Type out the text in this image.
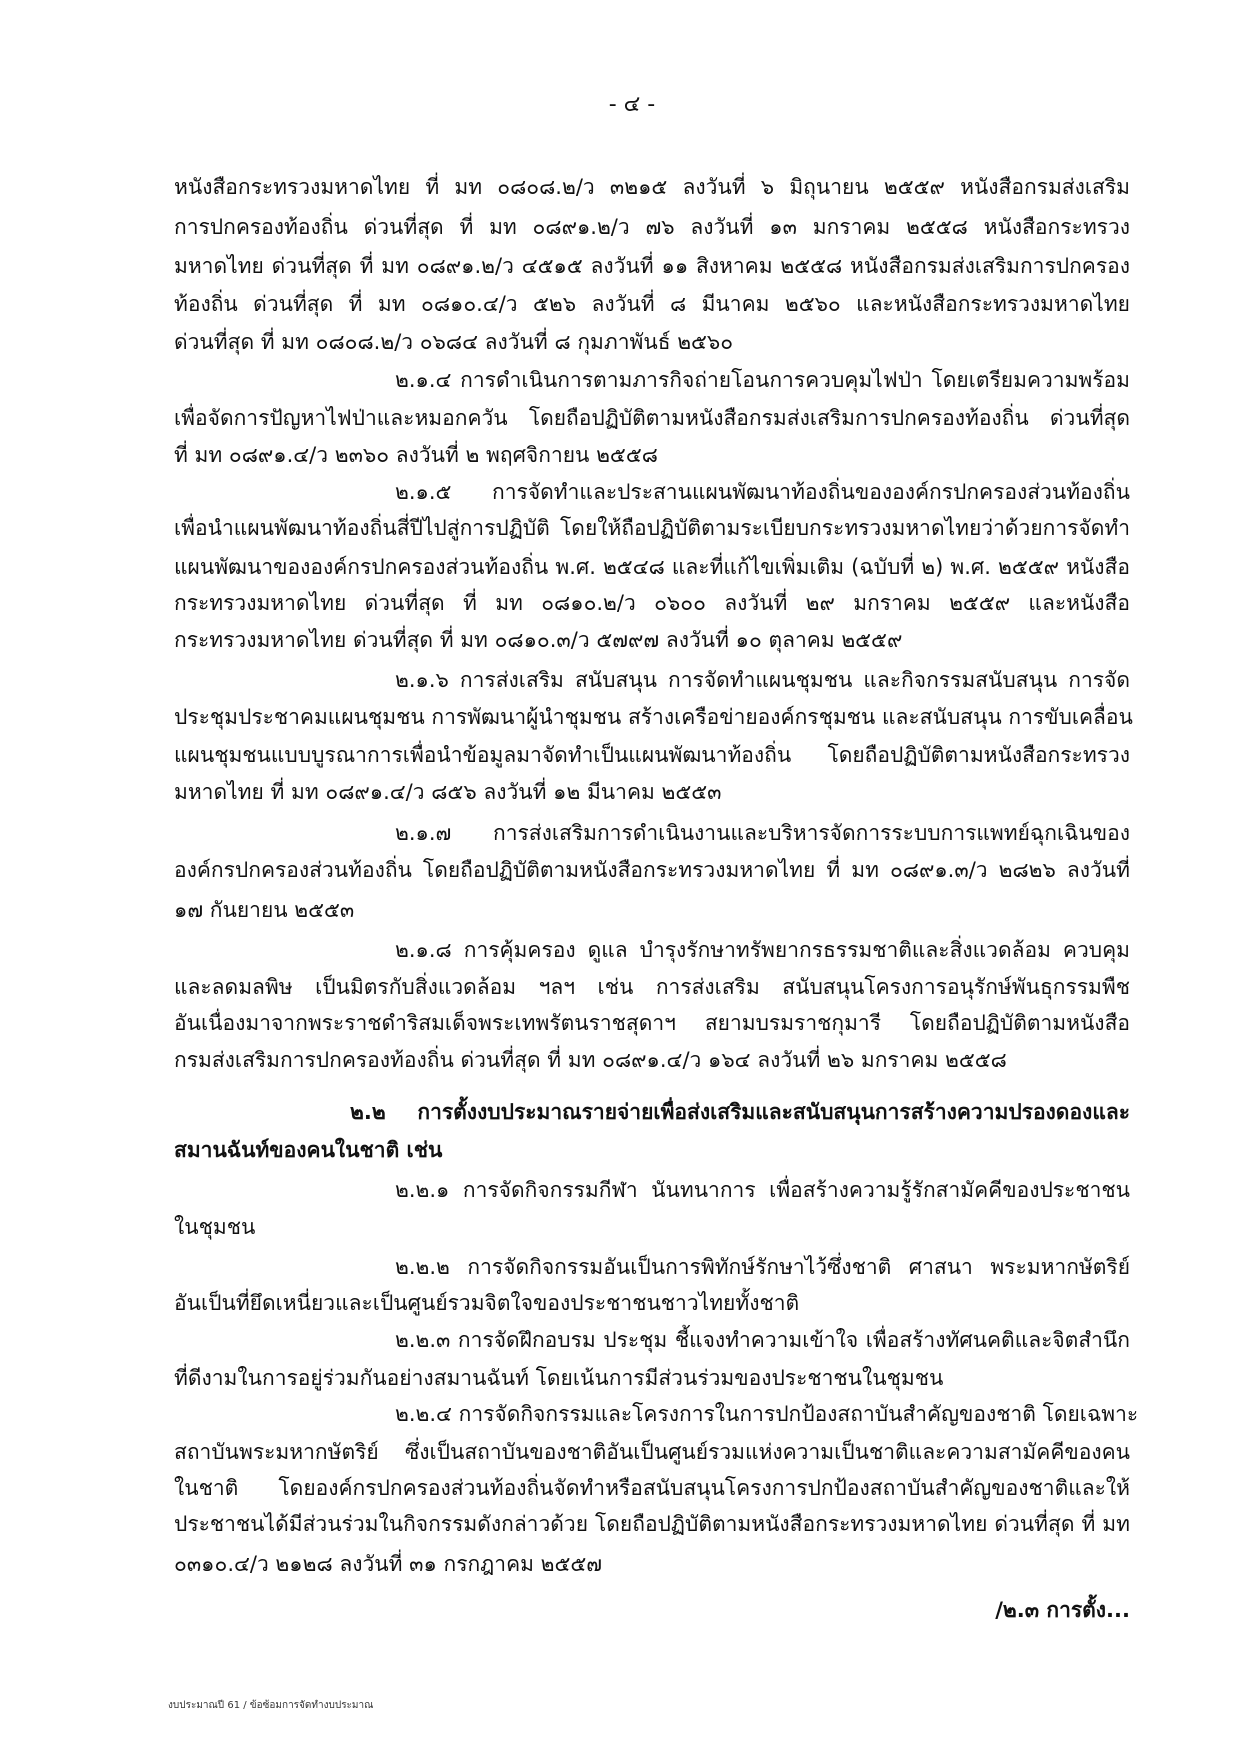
- ๔ -
หนังสือกระทรวงมหาดไทย ที่ มท ๐๘๐๘.๒/ว ๓๒๑๕ ลงวันที่ ๖ มิถุนายน ๒๕๕๙ หนังสือกรมส่งเสริม
การปกครองท้องถิ่น ด่วนที่สุด ที่ มท ๐๘๙๑.๒/ว ๗๖ ลงวันที่ ๑๓ มกราคม ๒๕๕๘ หนังสือกระทรวง
มหาดไทย ด่วนที่สุด ที่ มท ๐๘๙๑.๒/ว ๔๕๑๕ ลงวันที่ ๑๑ สิงหาคม ๒๕๕๘ หนังสือกรมส่งเสริมการปกครอง
ท้องถิ่น ด่วนที่สุด ที่ มท ๐๘๑๐.๔/ว ๕๒๖ ลงวันที่ ๘ มีนาคม ๒๕๖๐ และหนังสือกระทรวงมหาดไทย
ด่วนที่สุด ที่ มท ๐๘๐๘.๒/ว ๐๖๘๔ ลงวันที่ ๘ กุมภาพันธ์ ๒๕๖๐
๒.๑.๔ การดำเนินการตามภารกิจถ่ายโอนการควบคุมไฟป่า โดยเตรียมความพร้อม
เพื่อจัดการปัญหาไฟป่าและหมอกควัน โดยถือปฏิบัติตามหนังสือกรมส่งเสริมการปกครองท้องถิ่น ด่วนที่สุด
ที่ มท ๐๘๙๑.๔/ว ๒๓๖๐ ลงวันที่ ๒ พฤศจิกายน ๒๕๕๘
๒.๑.๕ การจัดทำและประสานแผนพัฒนาท้องถิ่นขององค์กรปกครองส่วนท้องถิ่น
เพื่อนำแผนพัฒนาท้องถิ่นสี่ปีไปสู่การปฏิบัติ โดยให้ถือปฏิบัติตามระเบียบกระทรวงมหาดไทยว่าด้วยการจัดทำ
แผนพัฒนาขององค์กรปกครองส่วนท้องถิ่น พ.ศ. ๒๕๔๘ และที่แก้ไขเพิ่มเติม (ฉบับที่ ๒) พ.ศ. ๒๕๕๙ หนังสือ
กระทรวงมหาดไทย ด่วนที่สุด ที่ มท ๐๘๑๐.๒/ว ๐๖๐๐ ลงวันที่ ๒๙ มกราคม ๒๕๕๙ และหนังสือ
กระทรวงมหาดไทย ด่วนที่สุด ที่ มท ๐๘๑๐.๓/ว ๕๗๙๗ ลงวันที่ ๑๐ ตุลาคม ๒๕๕๙
๒.๑.๖ การส่งเสริม สนับสนุน การจัดทำแผนชุมชน และกิจกรรมสนับสนุน การจัด
ประชุมประชาคมแผนชุมชน การพัฒนาผู้นำชุมชน สร้างเครือข่ายองค์กรชุมชน และสนับสนุน การขับเคลื่อน
แผนชุมชนแบบบูรณาการเพื่อนำข้อมูลมาจัดทำเป็นแผนพัฒนาท้องถิ่น โดยถือปฏิบัติตามหนังสือกระทรวง
มหาดไทย ที่ มท ๐๘๙๑.๔/ว ๘๕๖ ลงวันที่ ๑๒ มีนาคม ๒๕๕๓
๒.๑.๗ การส่งเสริมการดำเนินงานและบริหารจัดการระบบการแพทย์ฉุกเฉินของ
องค์กรปกครองส่วนท้องถิ่น โดยถือปฏิบัติตามหนังสือกระทรวงมหาดไทย ที่ มท ๐๘๙๑.๓/ว ๒๘๒๖ ลงวันที่
๑๗ กันยายน ๒๕๕๓
๒.๑.๘ การคุ้มครอง ดูแล บำรุงรักษาทรัพยากรธรรมชาติและสิ่งแวดล้อม ควบคุม
และลดมลพิษ เป็นมิตรกับสิ่งแวดล้อม ฯลฯ เช่น การส่งเสริม สนับสนุนโครงการอนุรักษ์พันธุกรรมพืช
อันเนื่องมาจากพระราชดำริสมเด็จพระเทพรัตนราชสุดาฯ สยามบรมราชกุมารี โดยถือปฏิบัติตามหนังสือ
กรมส่งเสริมการปกครองท้องถิ่น ด่วนที่สุด ที่ มท ๐๘๙๑.๔/ว ๑๖๔ ลงวันที่ ๒๖ มกราคม ๒๕๕๘
๒.๒ การตั้งงบประมาณรายจ่ายเพื่อส่งเสริมและสนับสนุนการสร้างความปรองดองและ
สมานฉันท์ของคนในชาติ เช่น
๒.๒.๑ การจัดกิจกรรมกีฬา นันทนาการ เพื่อสร้างความรู้รักสามัคคีของประชาชน
ในชุมชน
๒.๒.๒ การจัดกิจกรรมอันเป็นการพิทักษ์รักษาไว้ซึ่งชาติ ศาสนา พระมหากษัตริย์
อันเป็นที่ยึดเหนี่ยวและเป็นศูนย์รวมจิตใจของประชาชนชาวไทยทั้งชาติ
๒.๒.๓ การจัดฝึกอบรม ประชุม ชี้แจงทำความเข้าใจ เพื่อสร้างทัศนคติและจิตสำนึก
ที่ดีงามในการอยู่ร่วมกันอย่างสมานฉันท์ โดยเน้นการมีส่วนร่วมของประชาชนในชุมชน
๒.๒.๔ การจัดกิจกรรมและโครงการในการปกป้องสถาบันสำคัญของชาติ โดยเฉพาะ
สถาบันพระมหากษัตริย์ ซึ่งเป็นสถาบันของชาติอันเป็นศูนย์รวมแห่งความเป็นชาติและความสามัคคีของคน
ในชาติ โดยองค์กรปกครองส่วนท้องถิ่นจัดทำหรือสนับสนุนโครงการปกป้องสถาบันสำคัญของชาติและให้
ประชาชนได้มีส่วนร่วมในกิจกรรมดังกล่าวด้วย โดยถือปฏิบัติตามหนังสือกระทรวงมหาดไทย ด่วนที่สุด ที่ มท
๐๓๑๐.๔/ว ๒๑๒๘ ลงวันที่ ๓๑ กรกฎาคม ๒๕๕๗
/๒.๓ การตั้ง...
งบประมาณปี 61 / ข้อซ้อมการจัดทำงบประมาณ
